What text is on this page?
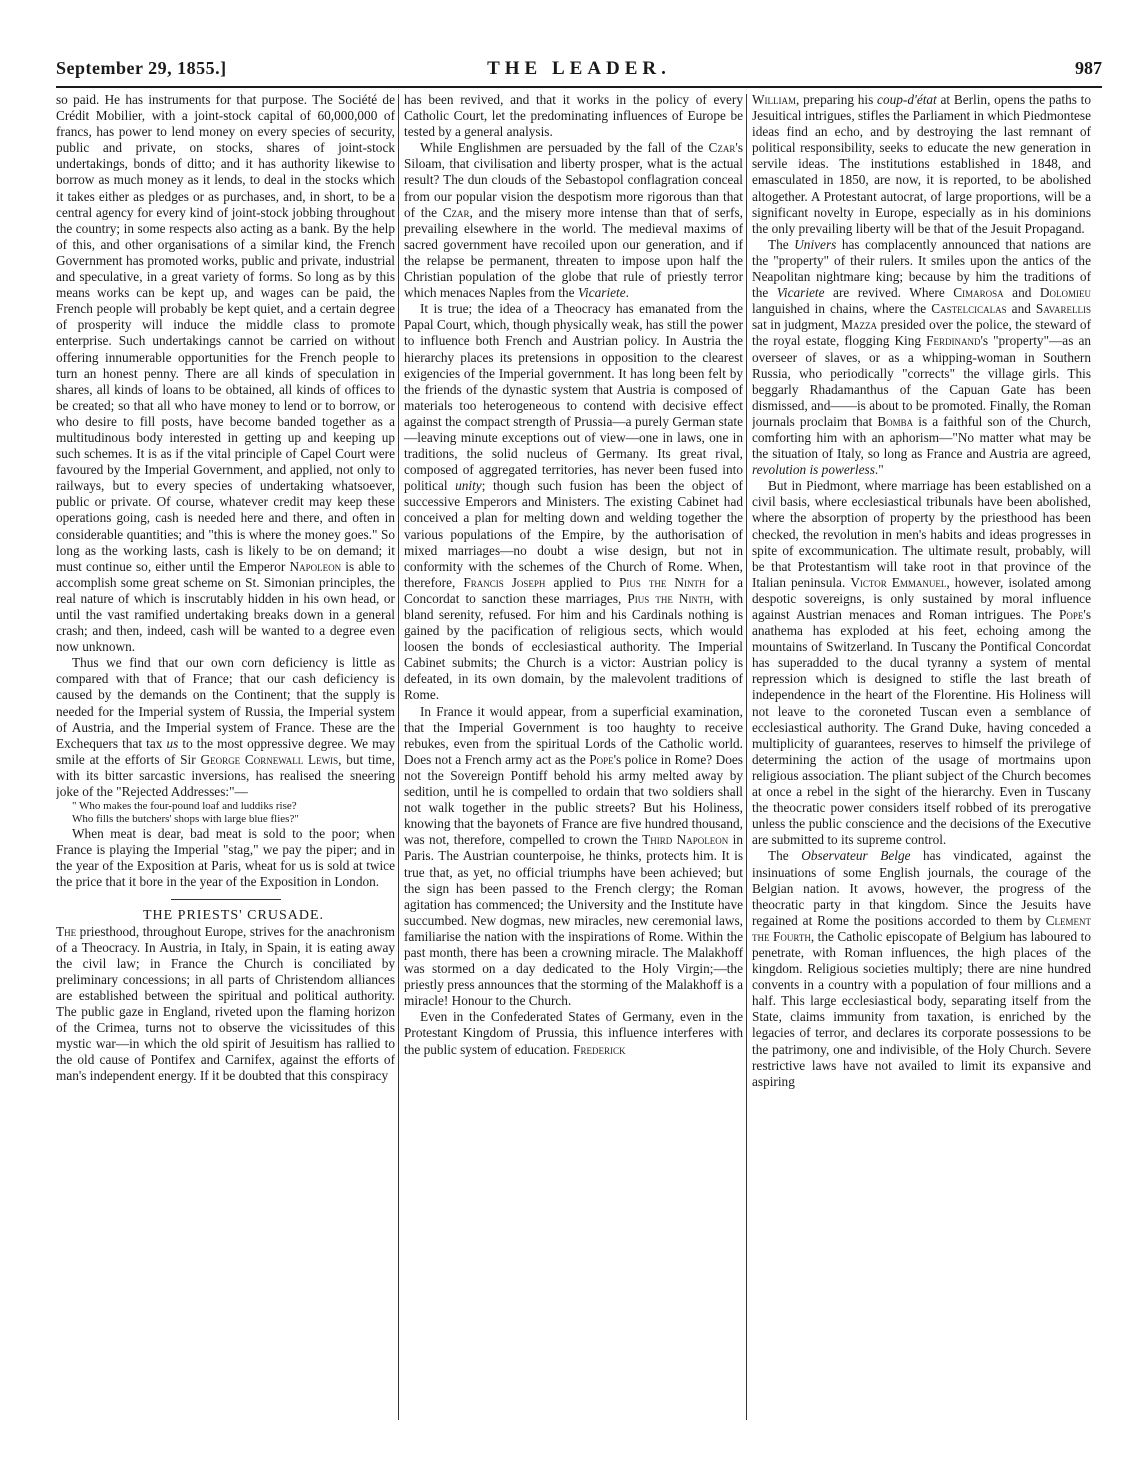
September 29, 1855.]	THE LEADER.	987

so paid. He has instruments for that purpose. The Société de Crédit Mobilier, with a joint-stock capital of 60,000,000 of francs, has power to lend money on every species of security, public and private, on stocks, shares of joint-stock undertakings, bonds of ditto; and it has authority likewise to borrow as much money as it lends, to deal in the stocks which it takes either as pledges or as purchases, and, in short, to be a central agency for every kind of joint-stock jobbing throughout the country; in some respects also acting as a bank. By the help of this, and other organisations of a similar kind, the French Government has promoted works, public and private, industrial and speculative, in a great variety of forms. So long as by this means works can be kept up, and wages can be paid, the French people will probably be kept quiet, and a certain degree of prosperity will induce the middle class to promote enterprise. Such undertakings cannot be carried on without offering innumerable opportunities for the French people to turn an honest penny. There are all kinds of speculation in shares, all kinds of loans to be obtained, all kinds of offices to be created; so that all who have money to lend or to borrow, or who desire to fill posts, have become banded together as a multitudinous body interested in getting up and keeping up such schemes. It is as if the vital principle of Capel Court were favoured by the Imperial Government, and applied, not only to railways, but to every species of undertaking whatsoever, public or private. Of course, whatever credit may keep these operations going, cash is needed here and there, and often in considerable quantities; and "this is where the money goes." So long as the working lasts, cash is likely to be on demand; it must continue so, either until the Emperor Napoleon is able to accomplish some great scheme on St. Simonian principles, the real nature of which is inscrutably hidden in his own head, or until the vast ramified undertaking breaks down in a general crash; and then, indeed, cash will be wanted to a degree even now unknown.

Thus we find that our own corn deficiency is little as compared with that of France; that our cash deficiency is caused by the demands on the Continent; that the supply is needed for the Imperial system of Russia, the Imperial system of Austria, and the Imperial system of France. These are the Exchequers that tax us to the most oppressive degree. We may smile at the efforts of Sir George Cornewall Lewis, but time, with its bitter sarcastic inversions, has realised the sneering joke of the "Rejected Addresses:"—

" Who makes the four-pound loaf and luddiks rise?
Who fills the butchers' shops with large blue flies?"

When meat is dear, bad meat is sold to the poor; when France is playing the Imperial "stag," we pay the piper; and in the year of the Exposition at Paris, wheat for us is sold at twice the price that it bore in the year of the Exposition in London.

THE PRIESTS' CRUSADE.

The priesthood, throughout Europe, strives for the anachronism of a Theocracy. In Austria, in Italy, in Spain, it is eating away the civil law; in France the Church is conciliated by preliminary concessions; in all parts of Christendom alliances are established between the spiritual and political authority. The public gaze in England, riveted upon the flaming horizon of the Crimea, turns not to observe the vicissitudes of this mystic war—in which the old spirit of Jesuitism has rallied to the old cause of Pontifex and Carnifex, against the efforts of man's independent energy. If it be doubted that this conspiracy

has been revived, and that it works in the policy of every Catholic Court, let the predominating influences of Europe be tested by a general analysis.

While Englishmen are persuaded by the fall of the Czar's Siloam, that civilisation and liberty prosper, what is the actual result? The dun clouds of the Sebastopol conflagration conceal from our popular vision the despotism more rigorous than that of the Czar, and the misery more intense than that of serfs, prevailing elsewhere in the world. The medieval maxims of sacred government have recoiled upon our generation, and if the relapse be permanent, threaten to impose upon half the Christian population of the globe that rule of priestly terror which menaces Naples from the Vicariete.

It is true; the idea of a Theocracy has emanated from the Papal Court, which, though physically weak, has still the power to influence both French and Austrian policy. In Austria the hierarchy places its pretensions in opposition to the clearest exigencies of the Imperial government. It has long been felt by the friends of the dynastic system that Austria is composed of materials too heterogeneous to contend with decisive effect against the compact strength of Prussia—a purely German state—leaving minute exceptions out of view—one in laws, one in traditions, the solid nucleus of Germany. Its great rival, composed of aggregated territories, has never been fused into political unity; though such fusion has been the object of successive Emperors and Ministers. The existing Cabinet had conceived a plan for melting down and welding together the various populations of the Empire, by the authorisation of mixed marriages—no doubt a wise design, but not in conformity with the schemes of the Church of Rome. When, therefore, Francis Joseph applied to Pius the Ninth for a Concordat to sanction these marriages, Pius the Ninth, with bland serenity, refused. For him and his Cardinals nothing is gained by the pacification of religious sects, which would loosen the bonds of ecclesiastical authority. The Imperial Cabinet submits; the Church is a victor: Austrian policy is defeated, in its own domain, by the malevolent traditions of Rome.

In France it would appear, from a superficial examination, that the Imperial Government is too haughty to receive rebukes, even from the spiritual Lords of the Catholic world. Does not a French army act as the Pope's police in Rome? Does not the Sovereign Pontiff behold his army melted away by sedition, until he is compelled to ordain that two soldiers shall not walk together in the public streets? But his Holiness, knowing that the bayonets of France are five hundred thousand, was not, therefore, compelled to crown the Third Napoleon in Paris. The Austrian counterpoise, he thinks, protects him. It is true that, as yet, no official triumphs have been achieved; but the sign has been passed to the French clergy; the Roman agitation has commenced; the University and the Institute have succumbed. New dogmas, new miracles, new ceremonial laws, familiarise the nation with the inspirations of Rome. Within the past month, there has been a crowning miracle. The Malakhoff was stormed on a day dedicated to the Holy Virgin;—the priestly press announces that the storming of the Malakhoff is a miracle! Honour to the Church.

Even in the Confederated States of Germany, even in the Protestant Kingdom of Prussia, this influence interferes with the public system of education. Frederick

William, preparing his coup-d'état at Berlin, opens the paths to Jesuitical intrigues, stifles the Parliament in which Piedmontese ideas find an echo, and by destroying the last remnant of political responsibility, seeks to educate the new generation in servile ideas. The institutions established in 1848, and emasculated in 1850, are now, it is reported, to be abolished altogether. A Protestant autocrat, of large proportions, will be a significant novelty in Europe, especially as in his dominions the only prevailing liberty will be that of the Jesuit Propagand.

The Univers has complacently announced that nations are the "property" of their rulers. It smiles upon the antics of the Neapolitan nightmare king; because by him the traditions of the Vicariete are revived. Where Cimarosa and Dolomieu languished in chains, where the Castelcicalas and Savarellis sat in judgment, Mazza presided over the police, the steward of the royal estate, flogging King Ferdinand's "property"—as an overseer of slaves, or as a whipping-woman in Southern Russia, who periodically "corrects" the village girls. This beggarly Rhadamanthus of the Capuan Gate has been dismissed, and——is about to be promoted. Finally, the Roman journals proclaim that Bomba is a faithful son of the Church, comforting him with an aphorism—"No matter what may be the situation of Italy, so long as France and Austria are agreed, revolution is powerless."

But in Piedmont, where marriage has been established on a civil basis, where ecclesiastical tribunals have been abolished, where the absorption of property by the priesthood has been checked, the revolution in men's habits and ideas progresses in spite of excommunication. The ultimate result, probably, will be that Protestantism will take root in that province of the Italian peninsula. Victor Emmanuel, however, isolated among despotic sovereigns, is only sustained by moral influence against Austrian menaces and Roman intrigues. The Pope's anathema has exploded at his feet, echoing among the mountains of Switzerland. In Tuscany the Pontifical Concordat has superadded to the ducal tyranny a system of mental repression which is designed to stifle the last breath of independence in the heart of the Florentine. His Holiness will not leave to the coroneted Tuscan even a semblance of ecclesiastical authority. The Grand Duke, having conceded a multiplicity of guarantees, reserves to himself the privilege of determining the action of the usage of mortmains upon religious association. The pliant subject of the Church becomes at once a rebel in the sight of the hierarchy. Even in Tuscany the theocratic power considers itself robbed of its prerogative unless the public conscience and the decisions of the Executive are submitted to its supreme control.

The Observateur Belge has vindicated, against the insinuations of some English journals, the courage of the Belgian nation. It avows, however, the progress of the theocratic party in that kingdom. Since the Jesuits have regained at Rome the positions accorded to them by Clement the Fourth, the Catholic episcopate of Belgium has laboured to penetrate, with Roman influences, the high places of the kingdom. Religious societies multiply; there are nine hundred convents in a country with a population of four millions and a half. This large ecclesiastical body, separating itself from the State, claims immunity from taxation, is enriched by the legacies of terror, and declares its corporate possessions to be the patrimony, one and indivisible, of the Holy Church. Severe restrictive laws have not availed to limit its expansive and aspiring
